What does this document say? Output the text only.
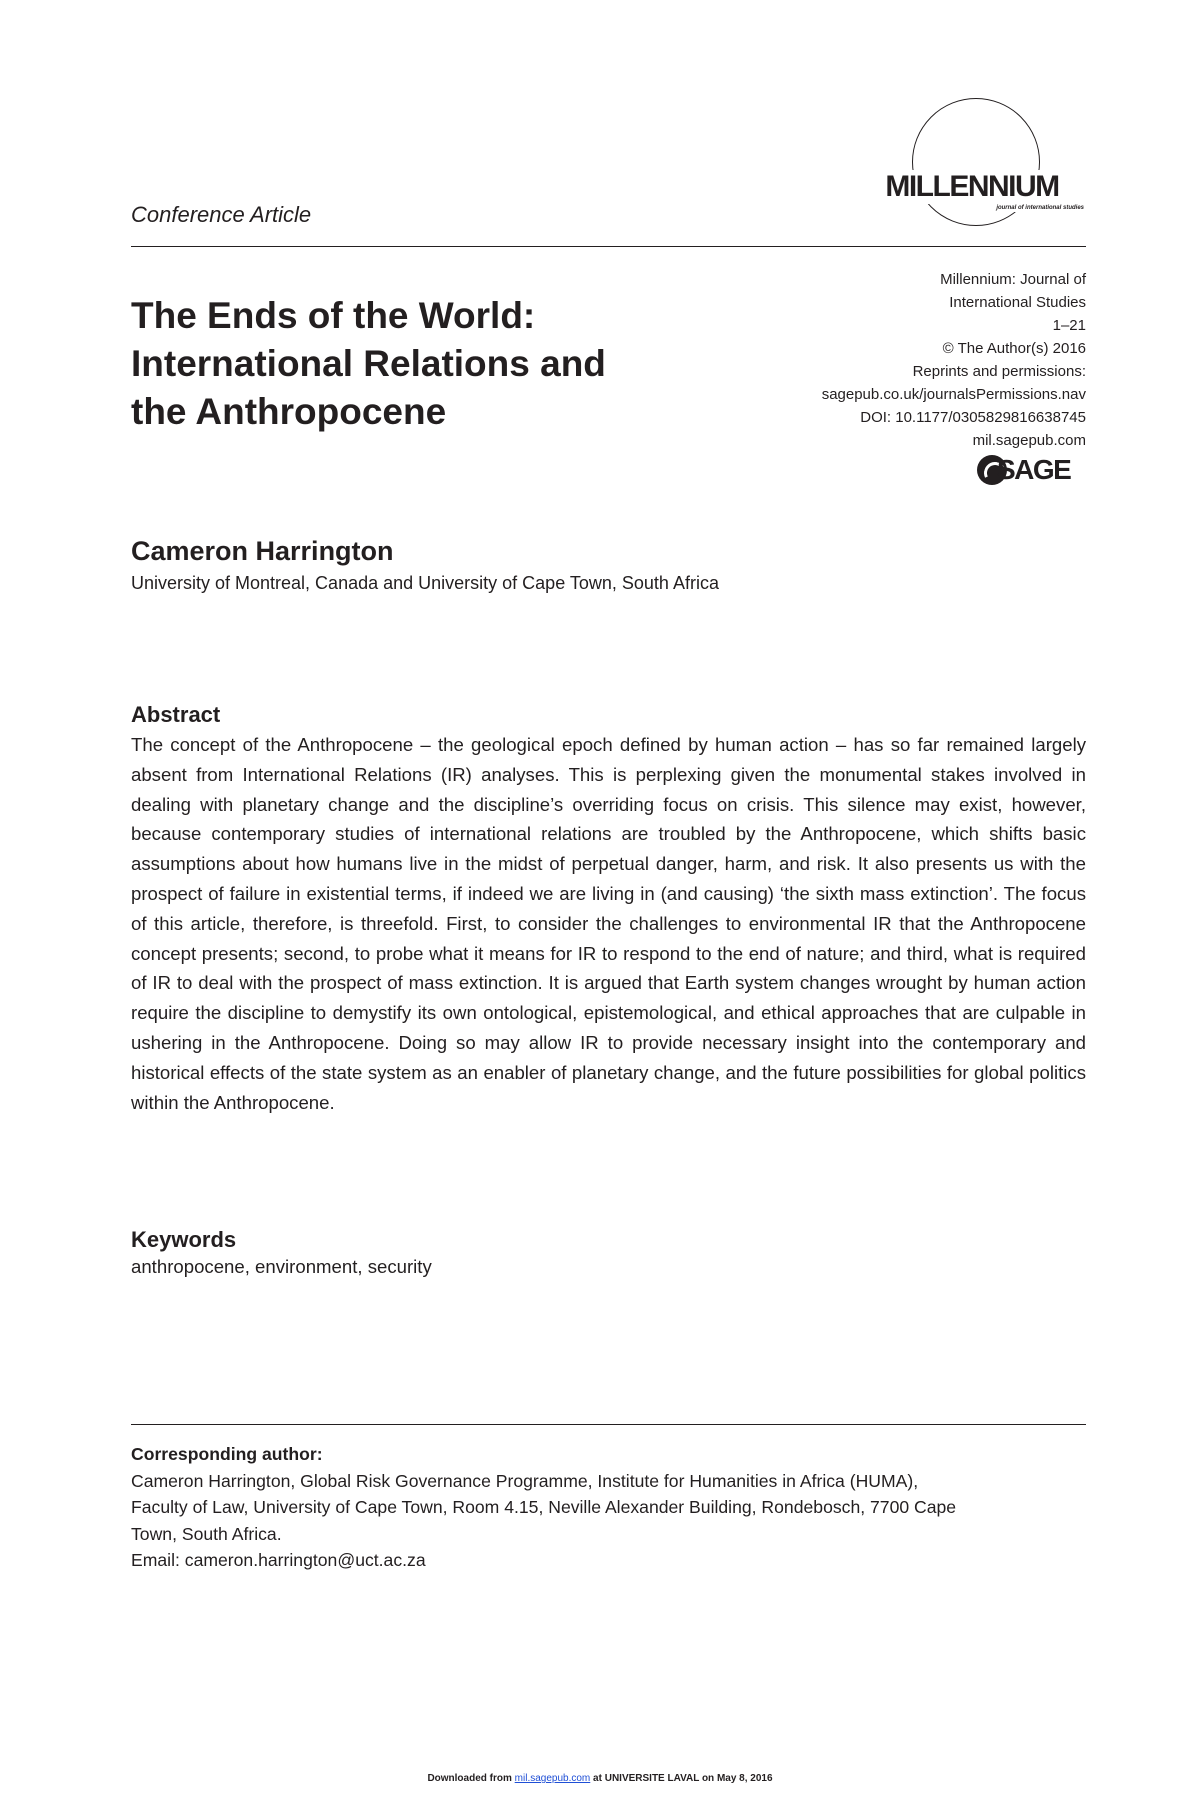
MILLENNIUM
journal of international studies
Conference Article
The Ends of the World:
International Relations and
the Anthropocene
Millennium: Journal of
International Studies
1–21
© The Author(s) 2016
Reprints and permissions:
sagepub.co.uk/journalsPermissions.nav
DOI: 10.1177/0305829816638745
mil.sagepub.com
SAGE
Cameron Harrington
University of Montreal, Canada and University of Cape Town, South Africa
Abstract

The concept of the Anthropocene – the geological epoch defined by human action – has so far remained largely absent from International Relations (IR) analyses. This is perplexing given the monumental stakes involved in dealing with planetary change and the discipline’s overriding focus on crisis. This silence may exist, however, because contemporary studies of international relations are troubled by the Anthropocene, which shifts basic assumptions about how humans live in the midst of perpetual danger, harm, and risk. It also presents us with the prospect of failure in existential terms, if indeed we are living in (and causing) ‘the sixth mass extinction’. The focus of this article, therefore, is threefold. First, to consider the challenges to environmental IR that the Anthropocene concept presents; second, to probe what it means for IR to respond to the end of nature; and third, what is required of IR to deal with the prospect of mass extinction. It is argued that Earth system changes wrought by human action require the discipline to demystify its own ontological, epistemological, and ethical approaches that are culpable in ushering in the Anthropocene. Doing so may allow IR to provide necessary insight into the contemporary and historical effects of the state system as an enabler of planetary change, and the future possibilities for global politics within the Anthropocene.

Keywords
anthropocene, environment, security
Corresponding author:
Cameron Harrington, Global Risk Governance Programme, Institute for Humanities in Africa (HUMA),
Faculty of Law, University of Cape Town, Room 4.15, Neville Alexander Building, Rondebosch, 7700 Cape
Town, South Africa.
Email: cameron.harrington@uct.ac.za
Downloaded from mil.sagepub.com at UNIVERSITE LAVAL on May 8, 2016
